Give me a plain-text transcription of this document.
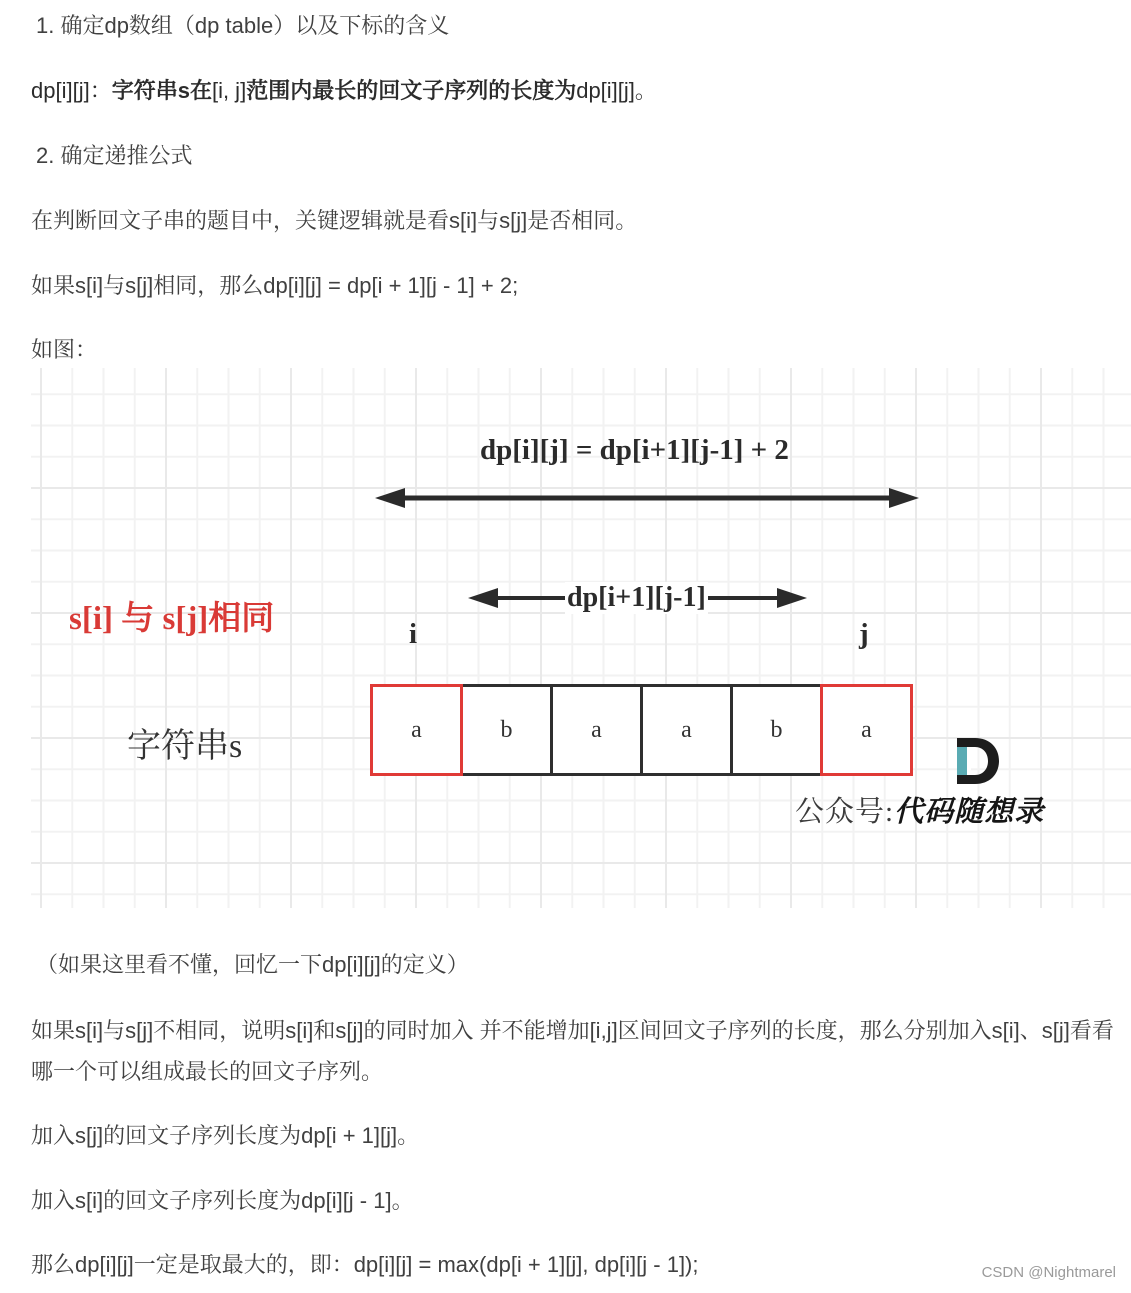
1. 确定dp数组（dp table）以及下标的含义

dp[i][j]：字符串s在[i, j]范围内最长的回文子序列的长度为dp[i][j]。

2. 确定递推公式

在判断回文子串的题目中，关键逻辑就是看s[i]与s[j]是否相同。

如果s[i]与s[j]相同，那么dp[i][j] = dp[i + 1][j - 1] + 2;

如图：

dp[i][j] = dp[i+1][j-1] + 2
dp[i+1][j-1]
s[i] 与 s[j]相同	i	j
字符串s	a	b	a	a	b	a
公众号:代码随想录

（如果这里看不懂，回忆一下dp[i][j]的定义）

如果s[i]与s[j]不相同，说明s[i]和s[j]的同时加入 并不能增加[i,j]区间回文子序列的长度，那么分别加入s[i]、s[j]看看哪一个可以组成最长的回文子序列。

加入s[j]的回文子序列长度为dp[i + 1][j]。

加入s[i]的回文子序列长度为dp[i][j - 1]。

那么dp[i][j]一定是取最大的，即：dp[i][j] = max(dp[i + 1][j], dp[i][j - 1]);	CSDN @Nightmarel
